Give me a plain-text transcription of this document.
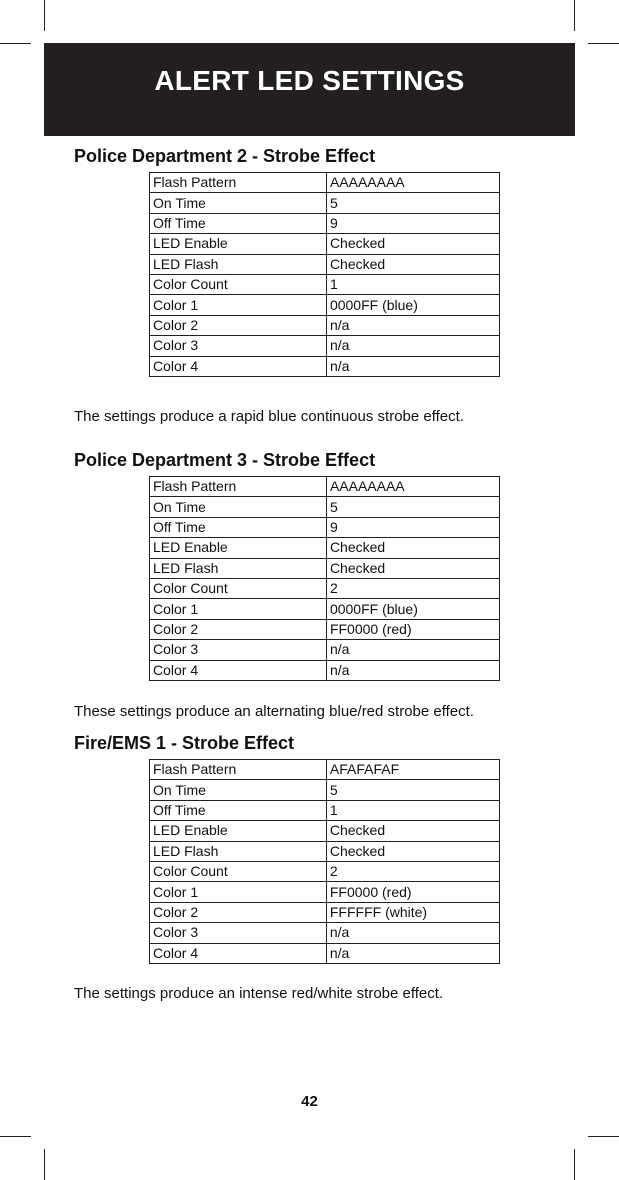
ALERT LED SETTINGS
Police Department 2 - Strobe Effect
Flash Pattern	AAAAAAAA
On Time	5
Off Time	9
LED Enable	Checked
LED Flash	Checked
Color Count	1
Color 1	0000FF (blue)
Color 2	n/a
Color 3	n/a
Color 4	n/a
The settings produce a rapid blue continuous strobe effect.
Police Department 3 - Strobe Effect
Flash Pattern	AAAAAAAA
On Time	5
Off Time	9
LED Enable	Checked
LED Flash	Checked
Color Count	2
Color 1	0000FF (blue)
Color 2	FF0000 (red)
Color 3	n/a
Color 4	n/a
These settings produce an alternating blue/red strobe effect.
Fire/EMS 1 - Strobe Effect
Flash Pattern	AFAFAFAF
On Time	5
Off Time	1
LED Enable	Checked
LED Flash	Checked
Color Count	2
Color 1	FF0000 (red)
Color 2	FFFFFF (white)
Color 3	n/a
Color 4	n/a
The settings produce an intense red/white strobe effect.
42
